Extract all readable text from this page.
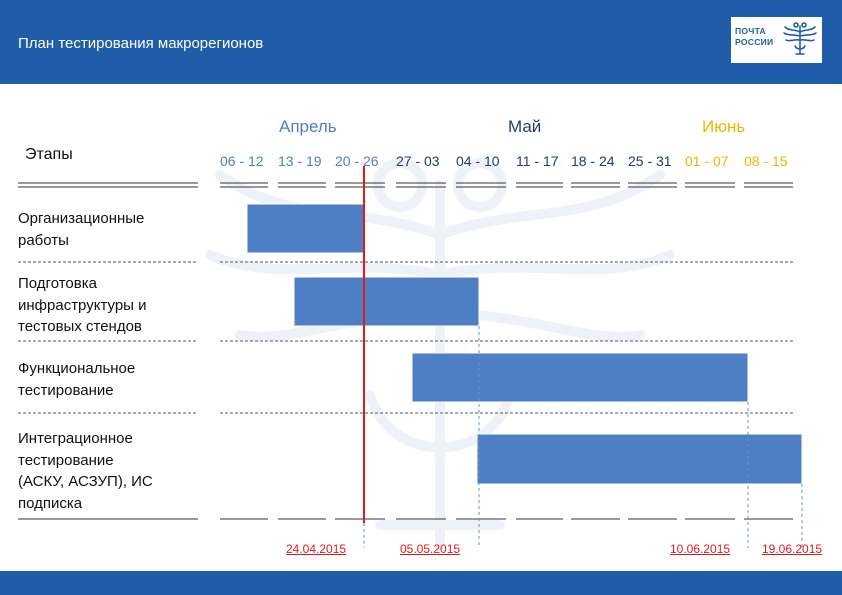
План тестирования макрорегионов
ПОЧТА
РОССИИ
Апрель	Май	Июнь
Этапы	06 - 12 13 - 19 20 - 26 27 - 03 04 - 10 11 - 17 18 - 24 25 - 31 01 - 07 08 - 15
Организационные
работы
Подготовка
инфраструктуры и
тестовых стендов
Функциональное
тестирование
Интеграционное
тестирование
(АСКУ, АСЗУП), ИС
подписка
24.04.2015	05.05.2015	10.06.2015	19.06.2015
